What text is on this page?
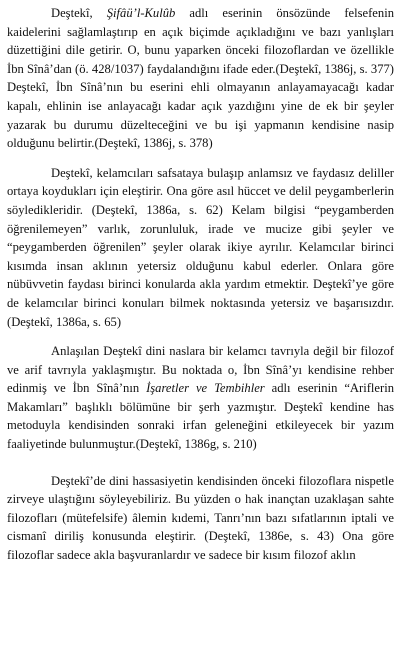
Deştekî, Şifâü’l-Kulûb adlı eserinin önsözünde felsefenin kaidelerini sağlamlaştırıp en açık biçimde açıkladığını ve bazı yanlışları düzettiğini dile getirir. O, bunu yaparken önceki filozoflardan ve özellikle İbn Sînâ’dan (ö. 428/1037) faydalandığını ifade eder.(Deştekî, 1386j, s. 377) Deştekî, İbn Sînâ’nın bu eserini ehli olmayanın anlayamayacağı kadar kapalı, ehlinin ise anlayacağı kadar açık yazdığını yine de ek bir şeyler yazarak bu durumu düzelteceğini ve bu işi yapmanın kendisine nasip olduğunu belirtir.(Deştekî, 1386j, s. 378)

Deştekî, kelamcıları safsataya bulaşıp anlamsız ve faydasız deliller ortaya koydukları için eleştirir. Ona göre asıl hüccet ve delil peygamberlerin söyledikleridir. (Deştekî, 1386a, s. 62) Kelam bilgisi “peygamberden öğrenilemeyen” varlık, zorunluluk, irade ve mucize gibi şeyler ve “peygamberden öğrenilen” şeyler olarak ikiye ayrılır. Kelamcılar birinci kısımda insan aklının yetersiz olduğunu kabul ederler. Onlara göre nübüvvetin faydası birinci konularda akla yardım etmektir. Deştekî’ye göre de kelamcılar birinci konuları bilmek noktasında yetersiz ve başarısızdır.(Deştekî, 1386a, s. 65)

Anlaşılan Deştekî dini naslara bir kelamcı tavrıyla değil bir filozof ve arif tavrıyla yaklaşmıştır. Bu noktada o, İbn Sînâ’yı kendisine rehber edinmiş ve İbn Sînâ’nın İşaretler ve Tembihler adlı eserinin “Ariflerin Makamları” başlıklı bölümüne bir şerh yazmıştır. Deştekî kendine has metoduyla kendisinden sonraki irfan geleneğini etkileyecek bir yazım faaliyetinde bulunmuştur.(Deştekî, 1386g, s. 210)

Deştekî’de dini hassasiyetin kendisinden önceki filozoflara nispetle zirveye ulaştığını söyleyebiliriz. Bu yüzden o hak inançtan uzaklaşan sahte filozofları (mütefelsife) âlemin kıdemi, Tanrı’nın bazı sıfatlarının iptali ve cismanî diriliş konusunda eleştirir. (Deştekî, 1386e, s. 43) Ona göre filozoflar sadece akla başvuranlardır ve sadece bir kısım filozof aklın
